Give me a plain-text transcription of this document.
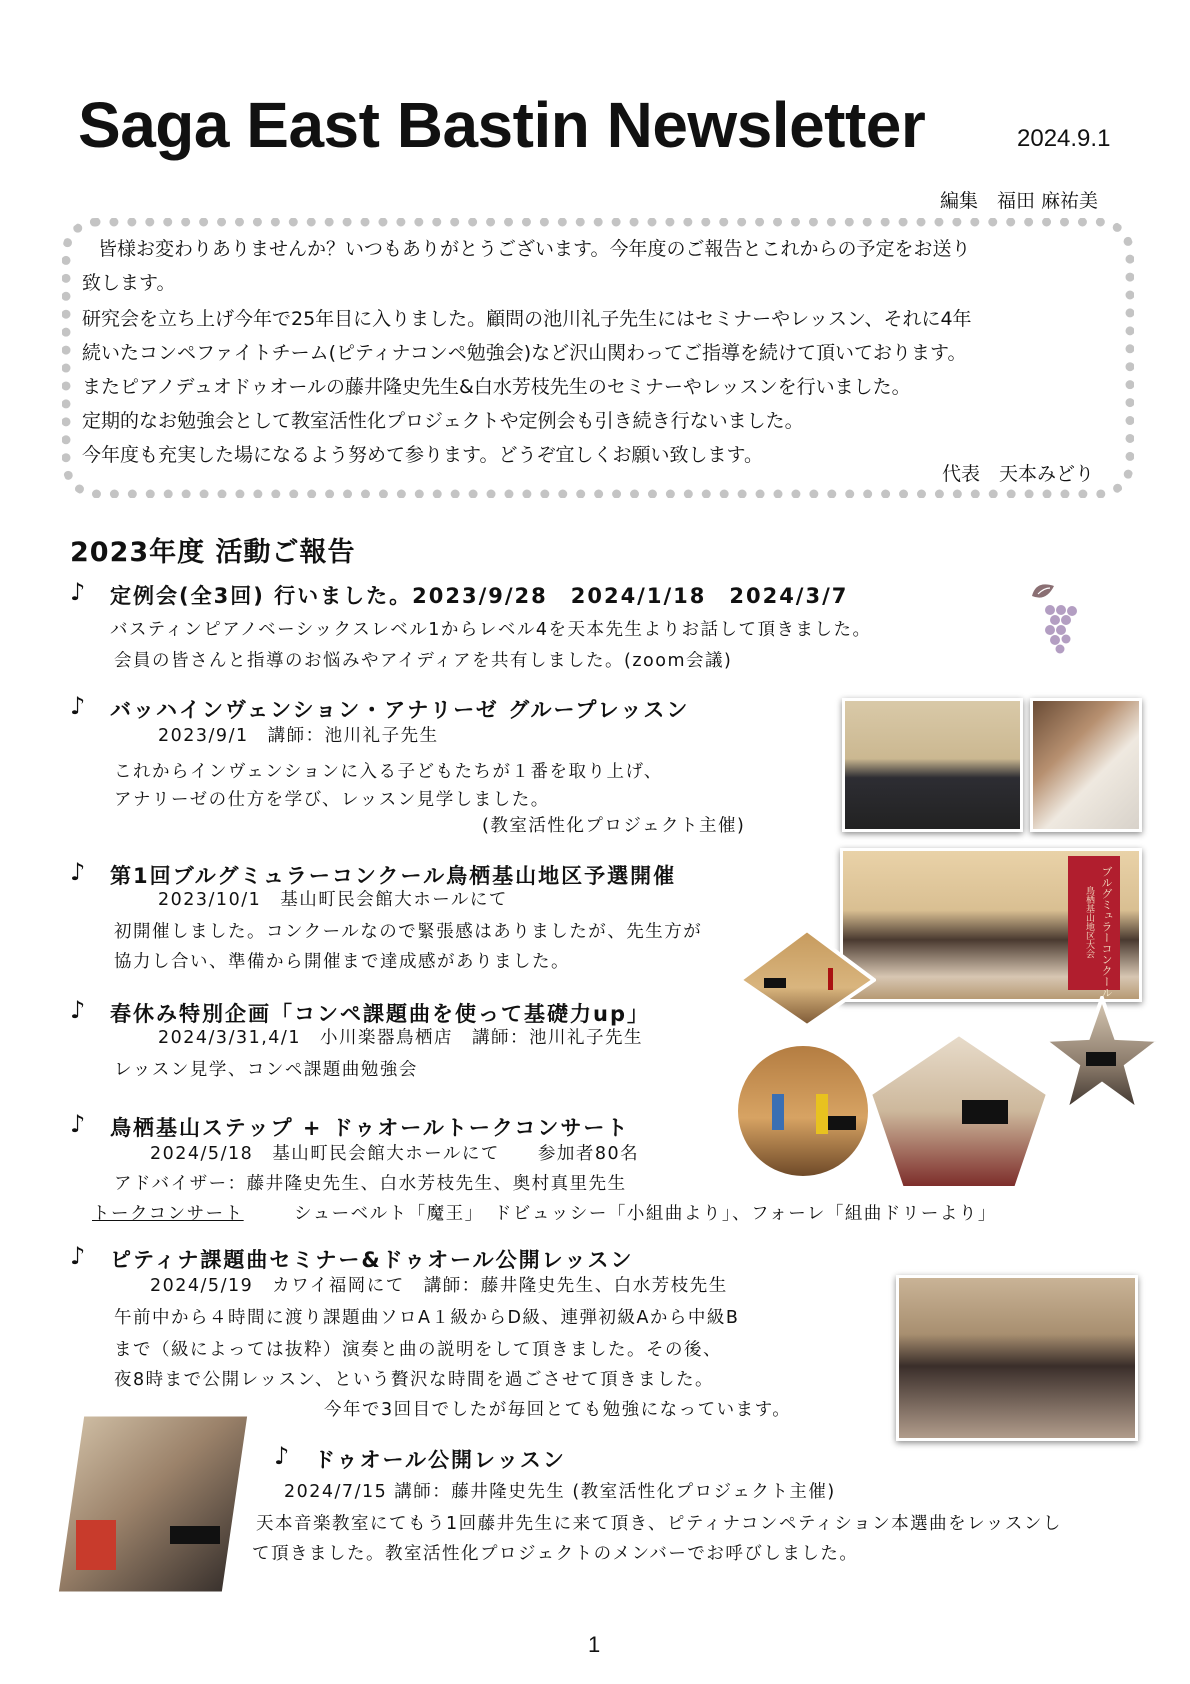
Saga East Bastin Newsletter	2024.9.1
編集　福田 麻祐美
皆様お変わりありませんか？いつもありがとうございます。今年度のご報告とこれからの予定をお送り
致します。
研究会を立ち上げ今年で25年目に入りました。顧問の池川礼子先生にはセミナーやレッスン、それに4年
続いたコンペファイトチーム(ピティナコンペ勉強会)など沢山関わってご指導を続けて頂いております。
またピアノデュオドゥオールの藤井隆史先生&白水芳枝先生のセミナーやレッスンを行いました。
定期的なお勉強会として教室活性化プロジェクトや定例会も引き続き行ないました。
今年度も充実した場になるよう努めて参ります。どうぞ宜しくお願い致します。
代表　天本みどり
2023年度 活動ご報告
♪ 定例会(全3回) 行いました。2023/9/28　2024/1/18　2024/3/7
バスティンピアノベーシックスレベル1からレベル4を天本先生よりお話して頂きました。
会員の皆さんと指導のお悩みやアイディアを共有しました。(zoom会議)
♪ バッハインヴェンション・アナリーゼ グループレッスン
2023/9/1　講師：池川礼子先生
これからインヴェンションに入る子どもたちが１番を取り上げ、
アナリーゼの仕方を学び、レッスン見学しました。
(教室活性化プロジェクト主催)
♪ 第1回ブルグミュラーコンクール鳥栖基山地区予選開催
2023/10/1　基山町民会館大ホールにて
初開催しました。コンクールなので緊張感はありましたが、先生方が
協力し合い、準備から開催まで達成感がありました。
♪ 春休み特別企画「コンペ課題曲を使って基礎力up」
2024/3/31,4/1　小川楽器鳥栖店　講師：池川礼子先生
レッスン見学、コンペ課題曲勉強会
♪ 鳥栖基山ステップ + ドゥオールトークコンサート
2024/5/18　基山町民会館大ホールにて　　参加者80名
アドバイザー：藤井隆史先生、白水芳枝先生、奥村真里先生
トークコンサート	シューベルト「魔王」　ドビュッシー「小組曲より」、フォーレ「組曲ドリーより」
♪ ピティナ課題曲セミナー&ドゥオール公開レッスン
2024/5/19　カワイ福岡にて　講師：藤井隆史先生、白水芳枝先生
午前中から４時間に渡り課題曲ソロA１級からD級、連弾初級Aから中級B
まで（級によっては抜粋）演奏と曲の説明をして頂きました。その後、
夜8時まで公開レッスン、という贅沢な時間を過ごさせて頂きました。
今年で3回目でしたが毎回とても勉強になっています。
♪ ドゥオール公開レッスン
2024/7/15 講師：藤井隆史先生 (教室活性化プロジェクト主催)
天本音楽教室にてもう1回藤井先生に来て頂き、ピティナコンペティション本選曲をレッスンし
て頂きました。教室活性化プロジェクトのメンバーでお呼びしました。
ブルグミュラーコンクール
鳥栖基山地区大会
1
